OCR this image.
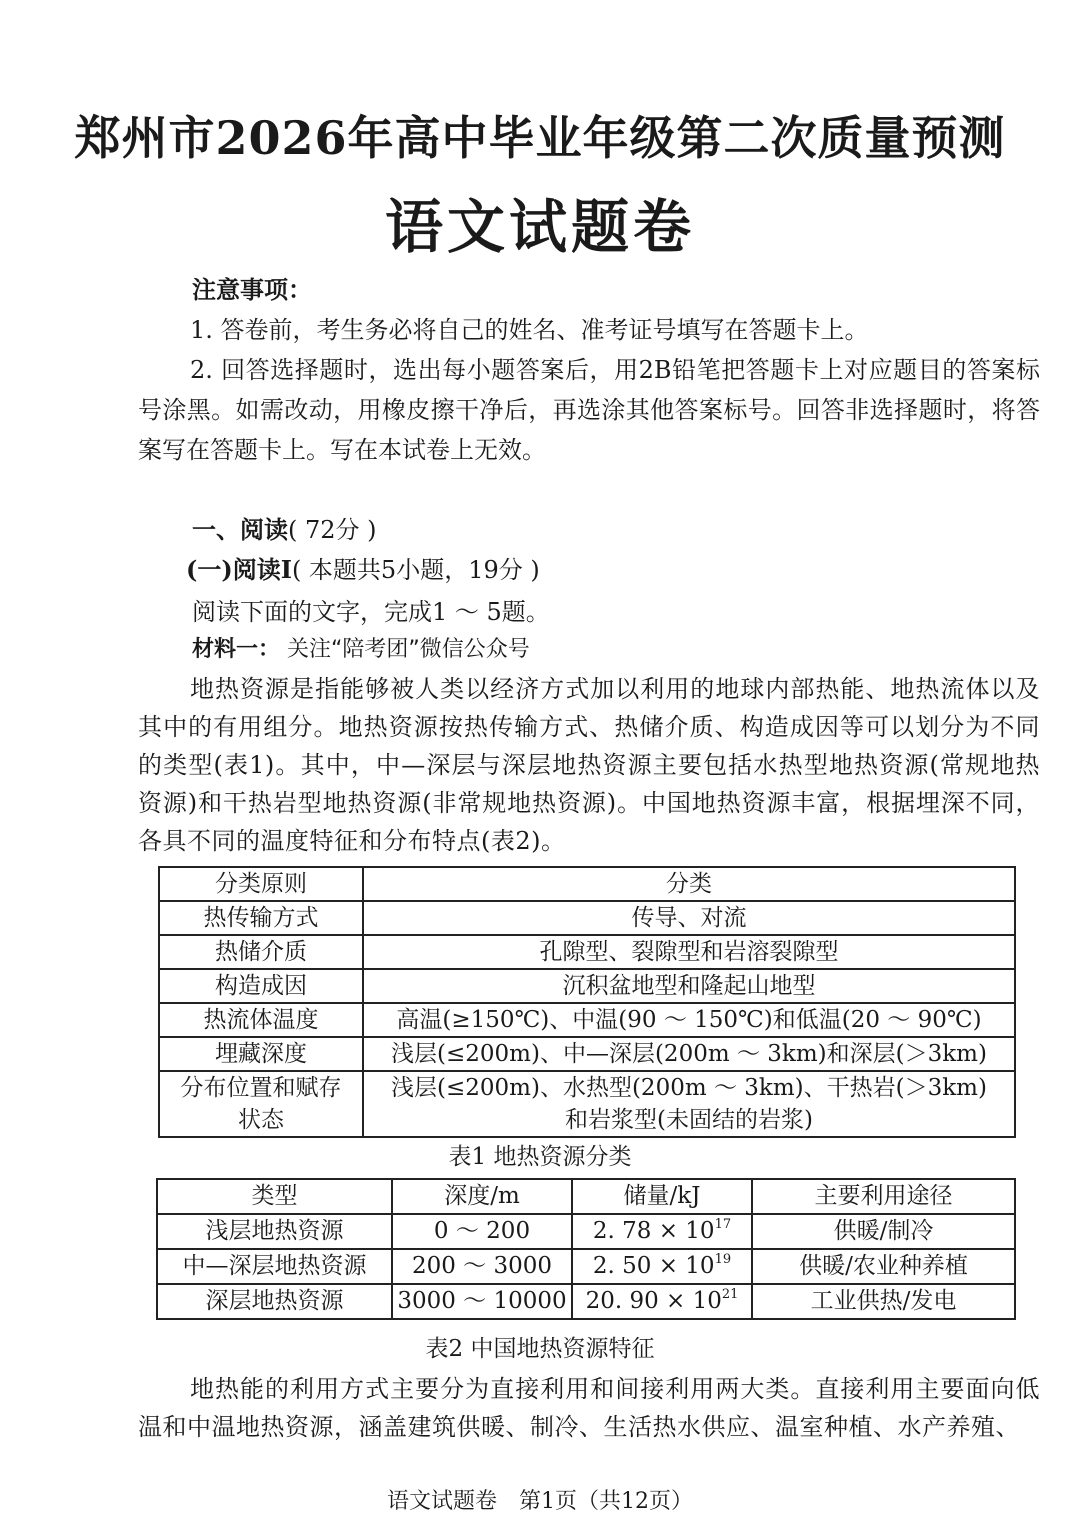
郑州市2026年高中毕业年级第二次质量预测
语文试题卷
注意事项：
1. 答卷前，考生务必将自己的姓名、准考证号填写在答题卡上。
2. 回答选择题时，选出每小题答案后，用2B铅笔把答题卡上对应题目的答案标号涂黑。如需改动，用橡皮擦干净后，再选涂其他答案标号。回答非选择题时，将答案写在答题卡上。写在本试卷上无效。
一、阅读( 72分 )
(一)阅读Ⅰ( 本题共5小题，19分 )
阅读下面的文字，完成1 ～ 5题。
材料一： 关注“陪考团”微信公众号
地热资源是指能够被人类以经济方式加以利用的地球内部热能、地热流体以及其中的有用组分。地热资源按热传输方式、热储介质、构造成因等可以划分为不同的类型(表1)。其中，中—深层与深层地热资源主要包括水热型地热资源(常规地热资源)和干热岩型地热资源(非常规地热资源)。中国地热资源丰富，根据埋深不同，各具不同的温度特征和分布特点(表2)。
分类原则	分类
热传输方式	传导、对流
热储介质	孔隙型、裂隙型和岩溶裂隙型
构造成因	沉积盆地型和隆起山地型
热流体温度	高温(≥150℃)、中温(90 ～ 150℃)和低温(20 ～ 90℃)
埋藏深度	浅层(≤200m)、中—深层(200m ～ 3km)和深层(＞3km)
分布位置和赋存状态	浅层(≤200m)、水热型(200m ～ 3km)、干热岩(＞3km)和岩浆型(未固结的岩浆)
表1 地热资源分类
类型	深度/m	储量/kJ	主要利用途径
浅层地热资源	0 ～ 200	2. $78 \times 10^{17}$	供暖/制冷
中—深层地热资源	200 ～ 3000	2. $50 \times 10^{19}$	供暖/农业种养植
深层地热资源	3000 ～ 10000	20. $90 \times 10^{21}$	工业供热/发电
表2 中国地热资源特征
地热能的利用方式主要分为直接利用和间接利用两大类。直接利用主要面向低温和中温地热资源，涵盖建筑供暖、制冷、生活热水供应、温室种植、水产养殖、
语文试题卷　第1页（共12页）
